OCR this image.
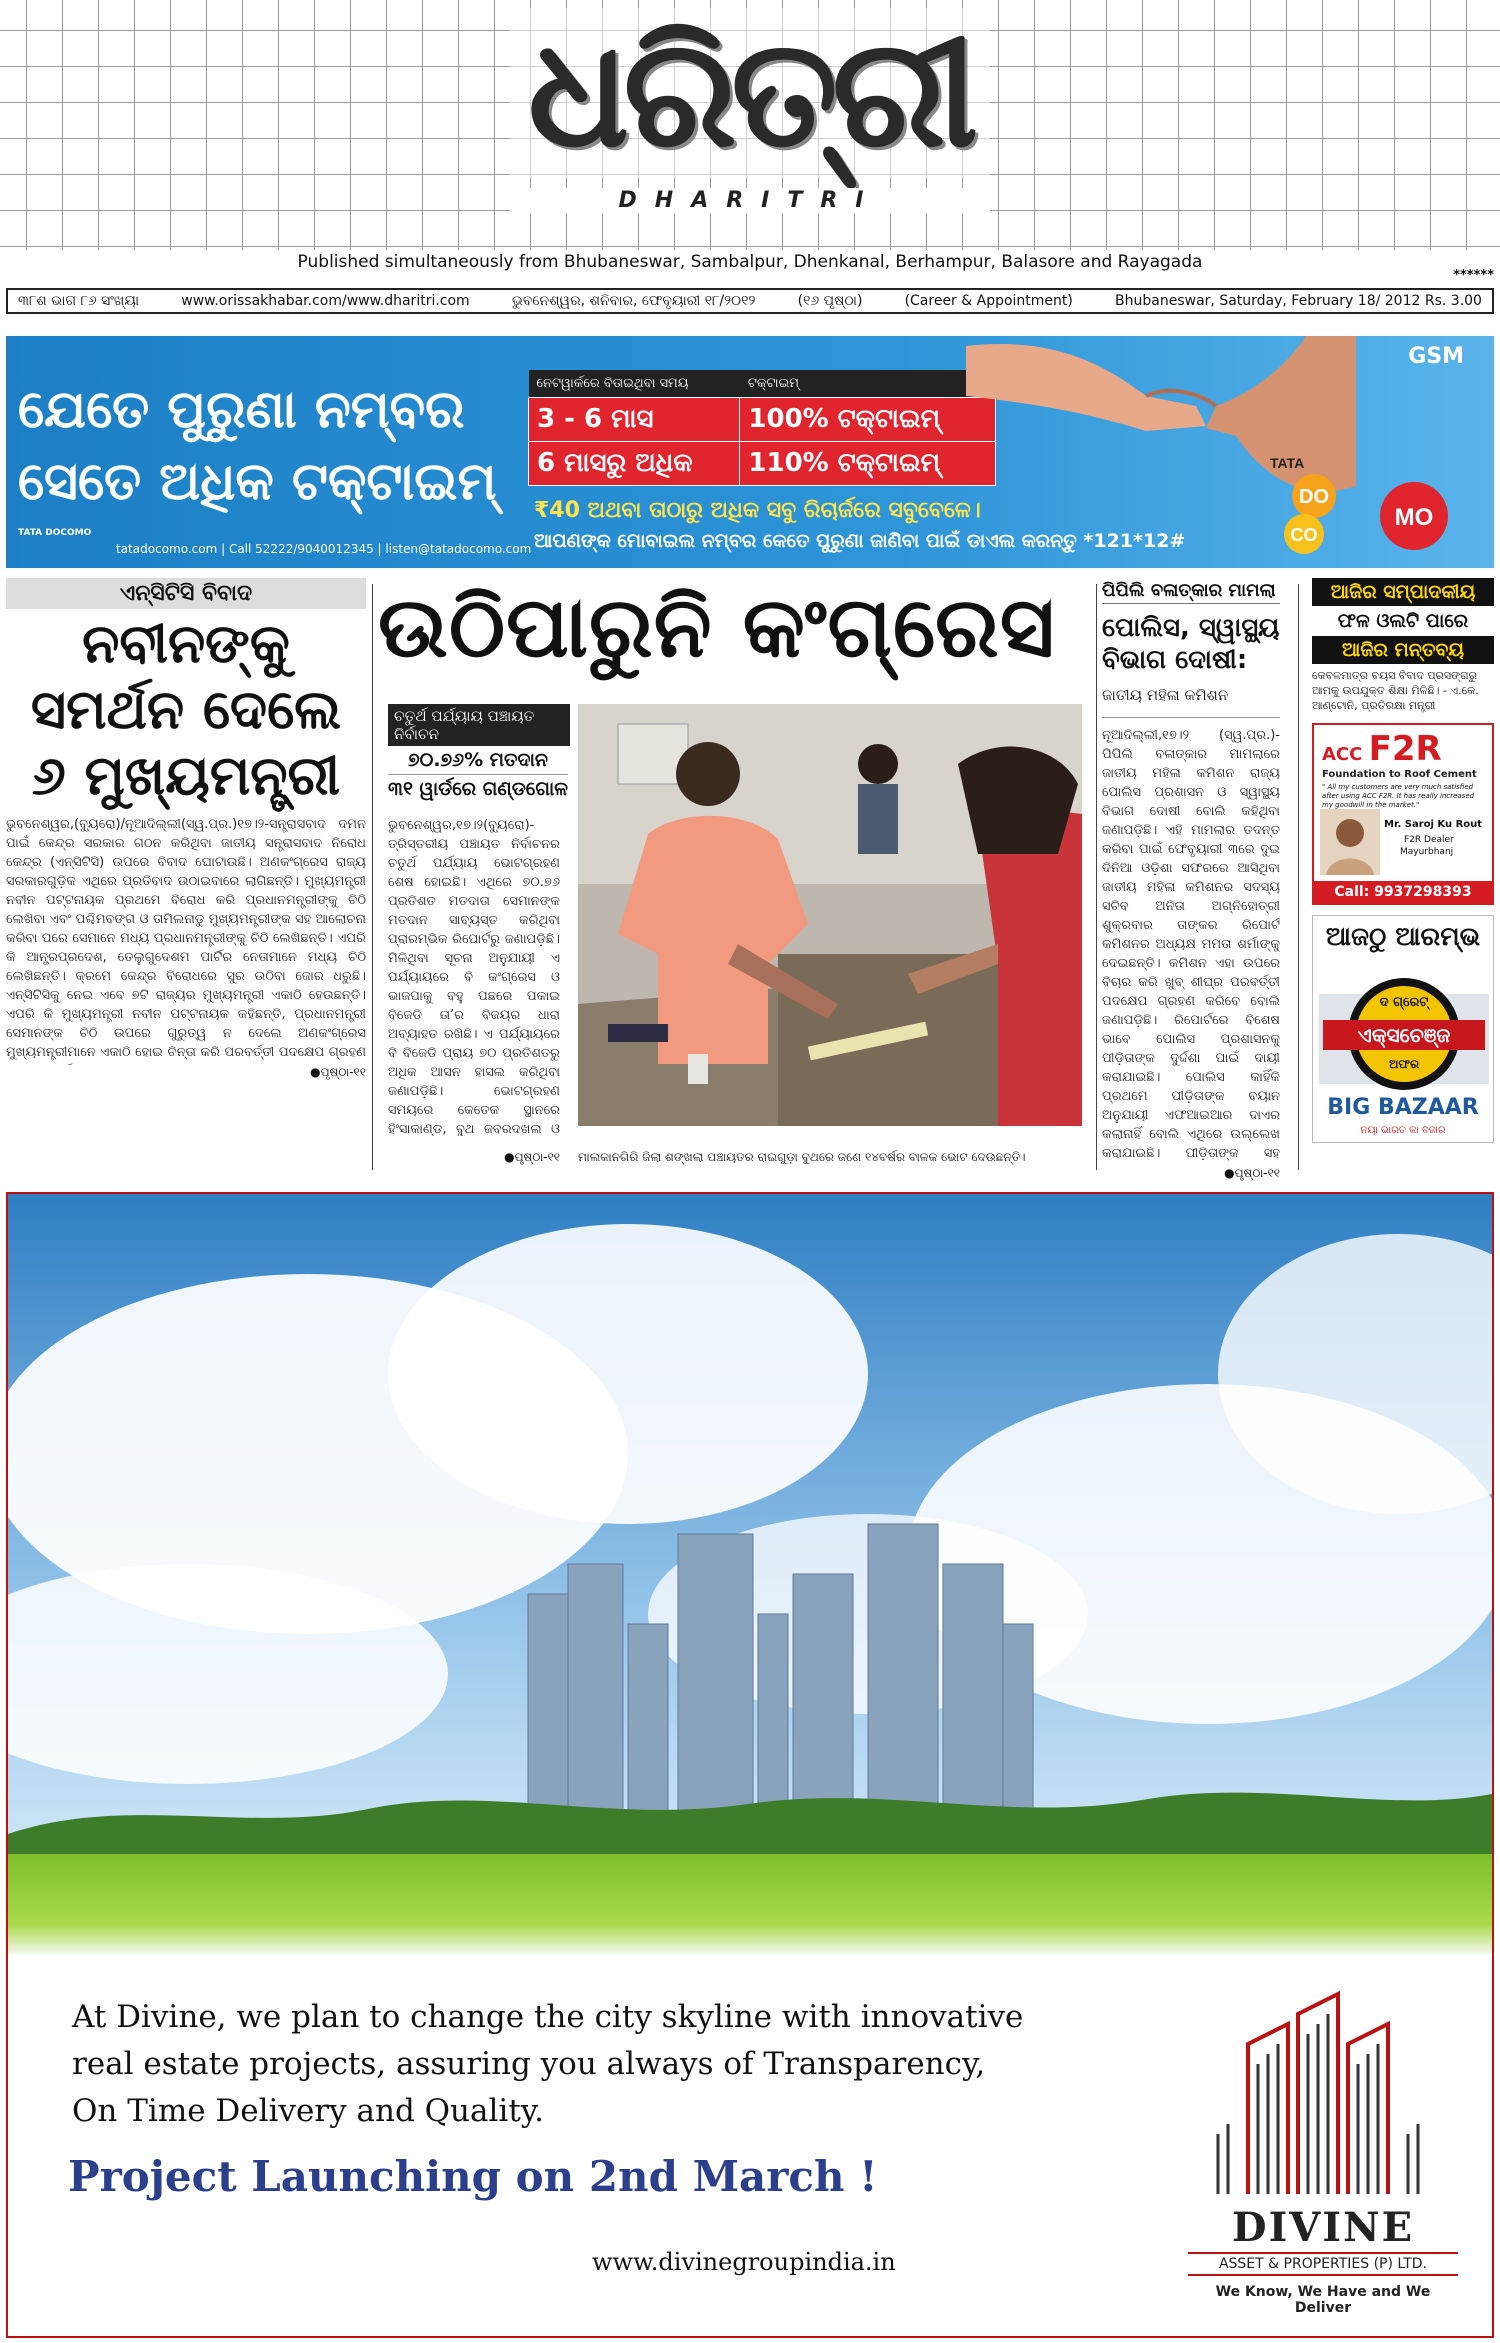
ଧରିତ୍ରୀ
DHARITRI
Published simultaneously from Bhubaneswar, Sambalpur, Dhenkanal, Berhampur, Balasore and Rayagada
******
୩୮ଶ ଭାଗ ୮୬ ସଂଖ୍ୟା	www.orissakhabar.com/www.dharitri.com	ଭୁବନେଶ୍ୱର, ଶନିବାର, ଫେବୃୟାରୀ ୧୮/୨୦୧୨	(୧୬ ପୃଷ୍ଠା)	(Career & Appointment)	Bhubaneswar, Saturday, February 18/ 2012 Rs. 3.00
ଯେତେ ପୁରୁଣା ନମ୍ବର
ସେତେ ଅଧିକ ଟକ୍‌ଟାଇମ୍
TATA DOCOMO
tatadocomo.com | Call 52222/9040012345 | listen@tatadocomo.com
ନେଟୱାର୍କରେ ବିତାଇଥିବା ସମୟ	ଟକ୍‌ଟାଇମ୍
3 - 6 ମାସ	100% ଟକ୍‌ଟାଇମ୍
6 ମାସରୁ ଅଧିକ	110% ଟକ୍‌ଟାଇମ୍
₹40 ଅଥବା ତାଠାରୁ ଅଧିକ ସବୁ ରିଚାର୍ଜରେ ସବୁବେଳେ।
ଆପଣଙ୍କ ମୋବାଇଲ ନମ୍ବର କେତେ ପୁରୁଣା ଜାଣିବା ପାଇଁ ଡାଏଲ କରନ୍ତୁ *121*12#
GSM
TATA
DO
CO
MO
ଏନ୍‌ସିଟିସି ବିବାଦ
ନବୀନଙ୍କୁ ସମର୍ଥନ ଦେଲେ ୬ ମୁଖ୍ୟମନ୍ତ୍ରୀ
ଭୁବନେଶ୍ୱର,(ବ୍ୟୁରୋ)/ନୂଆଦିଲ୍ଲୀ(ସ୍ୱ.ପ୍ର.)୧୭।୨-ସନ୍ତ୍ରାସବାଦ ଦମନ ପାଇଁ କେନ୍ଦ୍ର ସରକାର ଗଠନ କରିଥିବା ଜାତୀୟ ସନ୍ତ୍ରାସବାଦ ନିରୋଧ କେନ୍ଦ୍ର (ଏନ୍‌ସିଟିସି) ଉପରେ ବିବାଦ ଘୋଟାଉଛି। ଅଣକଂଗ୍ରେସ ରାଜ୍ୟ ସରକାରଗୁଡ଼ିକ ଏଥିରେ ପ୍ରତିବାଦ ଉଠାଇବାରେ ଲାଗିଛନ୍ତି। ମୁଖ୍ୟମନ୍ତ୍ରୀ ନବୀନ ପଟ୍ଟନାୟକ ପ୍ରଥମେ ବିରୋଧ କରି ପ୍ରଧାନମନ୍ତ୍ରୀଙ୍କୁ ଚିଠି ଲେଖିବା ଏବଂ ପଶ୍ଚିମବଙ୍ଗ ଓ ତାମିଲନାଡୁ ମୁଖ୍ୟମନ୍ତ୍ରୀଙ୍କ ସହ ଆଲୋଚନା କରିବା ପରେ ସେମାନେ ମଧ୍ୟ ପ୍ରଧାନମନ୍ତ୍ରୀଙ୍କୁ ଚିଠି ଲେଖିଛନ୍ତି। ଏପରି କି ଆନ୍ଧ୍ରପ୍ରଦେଶ, ତେଲୁଗୁଦେଶମ ପାର୍ଟିର ନେତାମାନେ ମଧ୍ୟ ଚିଠି ଲେଖିଛନ୍ତି। କ୍ରମେ କେନ୍ଦ୍ର ବିରୋଧରେ ସୁର ଉଠିବା ଜୋର ଧରୁଛି। ଏନ୍‌ସିଟିସିକୁ ନେଇ ଏବେ ୭ଟି ରାଜ୍ୟର ମୁଖ୍ୟମନ୍ତ୍ରୀ ଏକାଠି ହେଉଛନ୍ତି। ଏପରି କି ମୁଖ୍ୟମନ୍ତ୍ରୀ ନବୀନ ପଟ୍ଟନାୟକ କହିଛନ୍ତି, ପ୍ରଧାନମନ୍ତ୍ରୀ ସେମାନଙ୍କ ଚିଠି ଉପରେ ଗୁରୁତ୍ୱ ନ ଦେଲେ ଅଣକଂଗ୍ରେସ ମୁଖ୍ୟମନ୍ତ୍ରୀମାନେ ଏକାଠି ହୋଇ ଚିନ୍ତା କରି ପରବର୍ତ୍ତୀ ପଦକ୍ଷେପ ଗ୍ରହଣ
●ପୃଷ୍ଠା-୧୧
ଉଠିପାରୁନି କଂଗ୍ରେସ
ଚତୁର୍ଥ ପର୍ଯ୍ୟାୟ ପଞ୍ଚାୟତ ନିର୍ବାଚନ
୭୦.୭୬% ମତଦାନ
୩୧ ୱାର୍ଡରେ ଗଣ୍ଡଗୋଳ
ଭୁବନେଶ୍ୱର,୧୭।୨(ବ୍ୟୁରୋ)- ତ୍ରିସ୍ତରୀୟ ପଞ୍ଚାୟତ ନିର୍ବାଚନର ଚତୁର୍ଥ ପର୍ଯ୍ୟାୟ ଭୋଟଗ୍ରହଣ ଶେଷ ହୋଇଛି। ଏଥିରେ ୭୦.୭୬ ପ୍ରତିଶତ ମତଦାତା ସେମାନଙ୍କ ମତଦାନ ସାବ୍ୟସ୍ତ କରିଥିବା ପ୍ରାରମ୍ଭିକ ରିପୋର୍ଟରୁ ଜଣାପଡ଼ିଛି। ମିଳିଥିବା ସୂଚନା ଅନୁଯାୟୀ ଏ ପର୍ଯ୍ୟାୟରେ ବି କଂଗ୍ରେସ ଓ ଭାଜପାକୁ ବହୁ ପଛରେ ପକାଇ ବିଜେଡି ତା’ର ବିଜୟର ଧାରା ଅବ୍ୟାହତ ରଖିଛି। ଏ ପର୍ଯ୍ୟାୟରେ ବି ବିଜେଡି ପ୍ରାୟ ୭୦ ପ୍ରତିଶତରୁ ଅଧିକ ଆସନ ହାସଲ କରିଥିବା ଜଣାପଡ଼ିଛି। ଭୋଟଗ୍ରହଣ ସମୟରେ କେତେକ ସ୍ଥାନରେ ହିଂସାକାଣ୍ଡ, ବୁଥ ଜବରଦଖଲ ଓ
●ପୃଷ୍ଠା-୧୧ ମାଲକାନଗିରି ଜିଲା ଶଙ୍ଖଲା ପଞ୍ଚାୟତର ରାଇଗୁଡ଼ା ବୁଥରେ ଜଣେ ୧୪ବର୍ଷର ବାଳକ ଭୋଟ ଦେଉଛନ୍ତି।
ପିପିଲି ବଳାତ୍କାର ମାମଲା
ପୋଲିସ, ସ୍ୱାସ୍ଥ୍ୟ ବିଭାଗ ଦୋଷୀ: ଜାତୀୟ ମହିଳା କମିଶନ
ନୂଆଦିଲ୍ଲୀ,୧୭।୨ (ସ୍ୱ.ପ୍ର.)- ପିପିଲି ବଳାତ୍କାର ମାମଲାରେ ଜାତୀୟ ମହିଳା କମିଶନ ରାଜ୍ୟ ପୋଲିସ ପ୍ରଶାସନ ଓ ସ୍ୱାସ୍ଥ୍ୟ ବିଭାଗ ଦୋଷୀ ବୋଲି କହିଥିବା ଜଣାପଡ଼ିଛି। ଏହି ମାମଲାର ତଦନ୍ତ କରିବା ପାଇଁ ଫେବୃୟାରୀ ୩ରେ ଦୁଇ ଦିନିଆ ଓଡ଼ିଶା ସଫରରେ ଆସିଥିବା ଜାତୀୟ ମହିଳା କମିଶନର ସଦସ୍ୟ ସଚିବ ଅନିତା ଅଗ୍ନିହୋତ୍ରୀ ଶୁକ୍ରବାର ତାଙ୍କର ରିପୋର୍ଟ କମିଶନର ଅଧ୍ୟକ୍ଷ ମମତା ଶର୍ମାଙ୍କୁ ଦେଇଛନ୍ତି। କମିଶନ ଏହା ଉପରେ ବିଚାର କରି ଖୁବ୍ ଶୀଘ୍ର ପରବର୍ତ୍ତୀ ପଦକ୍ଷେପ ଗ୍ରହଣ କରିବେ ବୋଲି ଜଣାପଡ଼ିଛି। ରିପୋର୍ଟରେ ବିଶେଷ ଭାବେ ପୋଲିସ ପ୍ରଶାସନକୁ ପୀଡ଼ିତାଙ୍କ ଦୁର୍ଦ୍ଦଶା ପାଇଁ ଦାୟୀ କରାଯାଇଛି। ପୋଲିସ କାହିଁକି ପ୍ରଥମେ ପୀଡ଼ିତାଙ୍କ ବୟାନ ଅନୁଯାୟୀ ଏଫଆଇଆର ଦାଏର କଲାନାହିଁ ବୋଲି ଏଥିରେ ଉଲ୍ଲେଖ କରାଯାଇଛି। ପୀଡ଼ିତାଙ୍କ ସହ
●ପୃଷ୍ଠା-୧୧
ଆଜିର ସମ୍ପାଦକୀୟ
ଫଳ ଓଲଟି ପାରେ
ଆଜିର ମନ୍ତବ୍ୟ
କେବଳମାତ୍ର ବୟସ ବିବାଦ ପ୍ରସଙ୍ଗରୁ ଆମକୁ ଉପଯୁକ୍ତ ଶିକ୍ଷା ମିଳିଛି। - ଏ.କେ. ଆଣ୍ଟୋନି, ପ୍ରତିରକ୍ଷା ମନ୍ତ୍ରୀ
ACC F2R
Foundation to Roof Cement
" All my customers are very much satisfied after using ACC F2R. It has really increased my goodwill in the market."
Mr. Saroj Ku Rout
F2R Dealer
Mayurbhanj
Call: 9937298393
ଆଜଠୁ ଆରମ୍ଭ
ଦ ଗ୍ରେଟ୍
ଏକ୍ସଚେଞ୍ଜ
ଅଫର
BIG BAZAAR
ନୟା ଭାରତ କା ବଜାର
At Divine, we plan to change the city skyline with innovative
real estate projects, assuring you always of Transparency,
On Time Delivery and Quality.
Project Launching on 2nd March !
www.divinegroupindia.in
DIVINE
ASSET & PROPERTIES (P) LTD.
We Know, We Have and We Deliver
